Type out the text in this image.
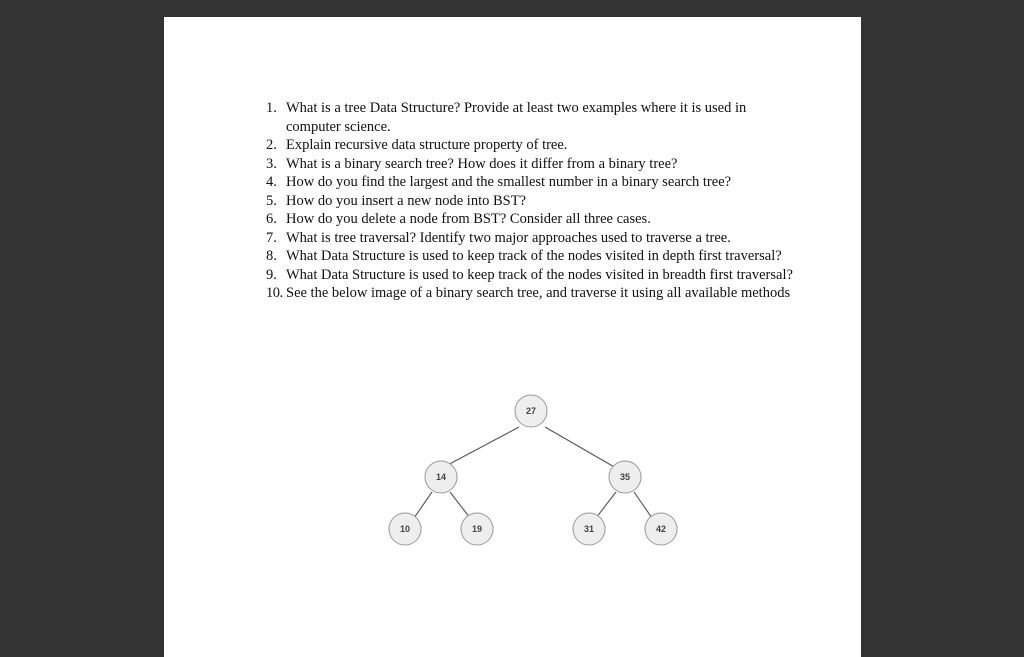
1. What is a tree Data Structure? Provide at least two examples where it is used in computer science.
2. Explain recursive data structure property of tree.
3. What is a binary search tree? How does it differ from a binary tree?
4. How do you find the largest and the smallest number in a binary search tree?
5. How do you insert a new node into BST?
6. How do you delete a node from BST? Consider all three cases.
7. What is tree traversal? Identify two major approaches used to traverse a tree.
8. What Data Structure is used to keep track of the nodes visited in depth first traversal?
9. What Data Structure is used to keep track of the nodes visited in breadth first traversal?
10. See the below image of a binary search tree, and traverse it using all available methods
27
14	35
10	19	31	42
